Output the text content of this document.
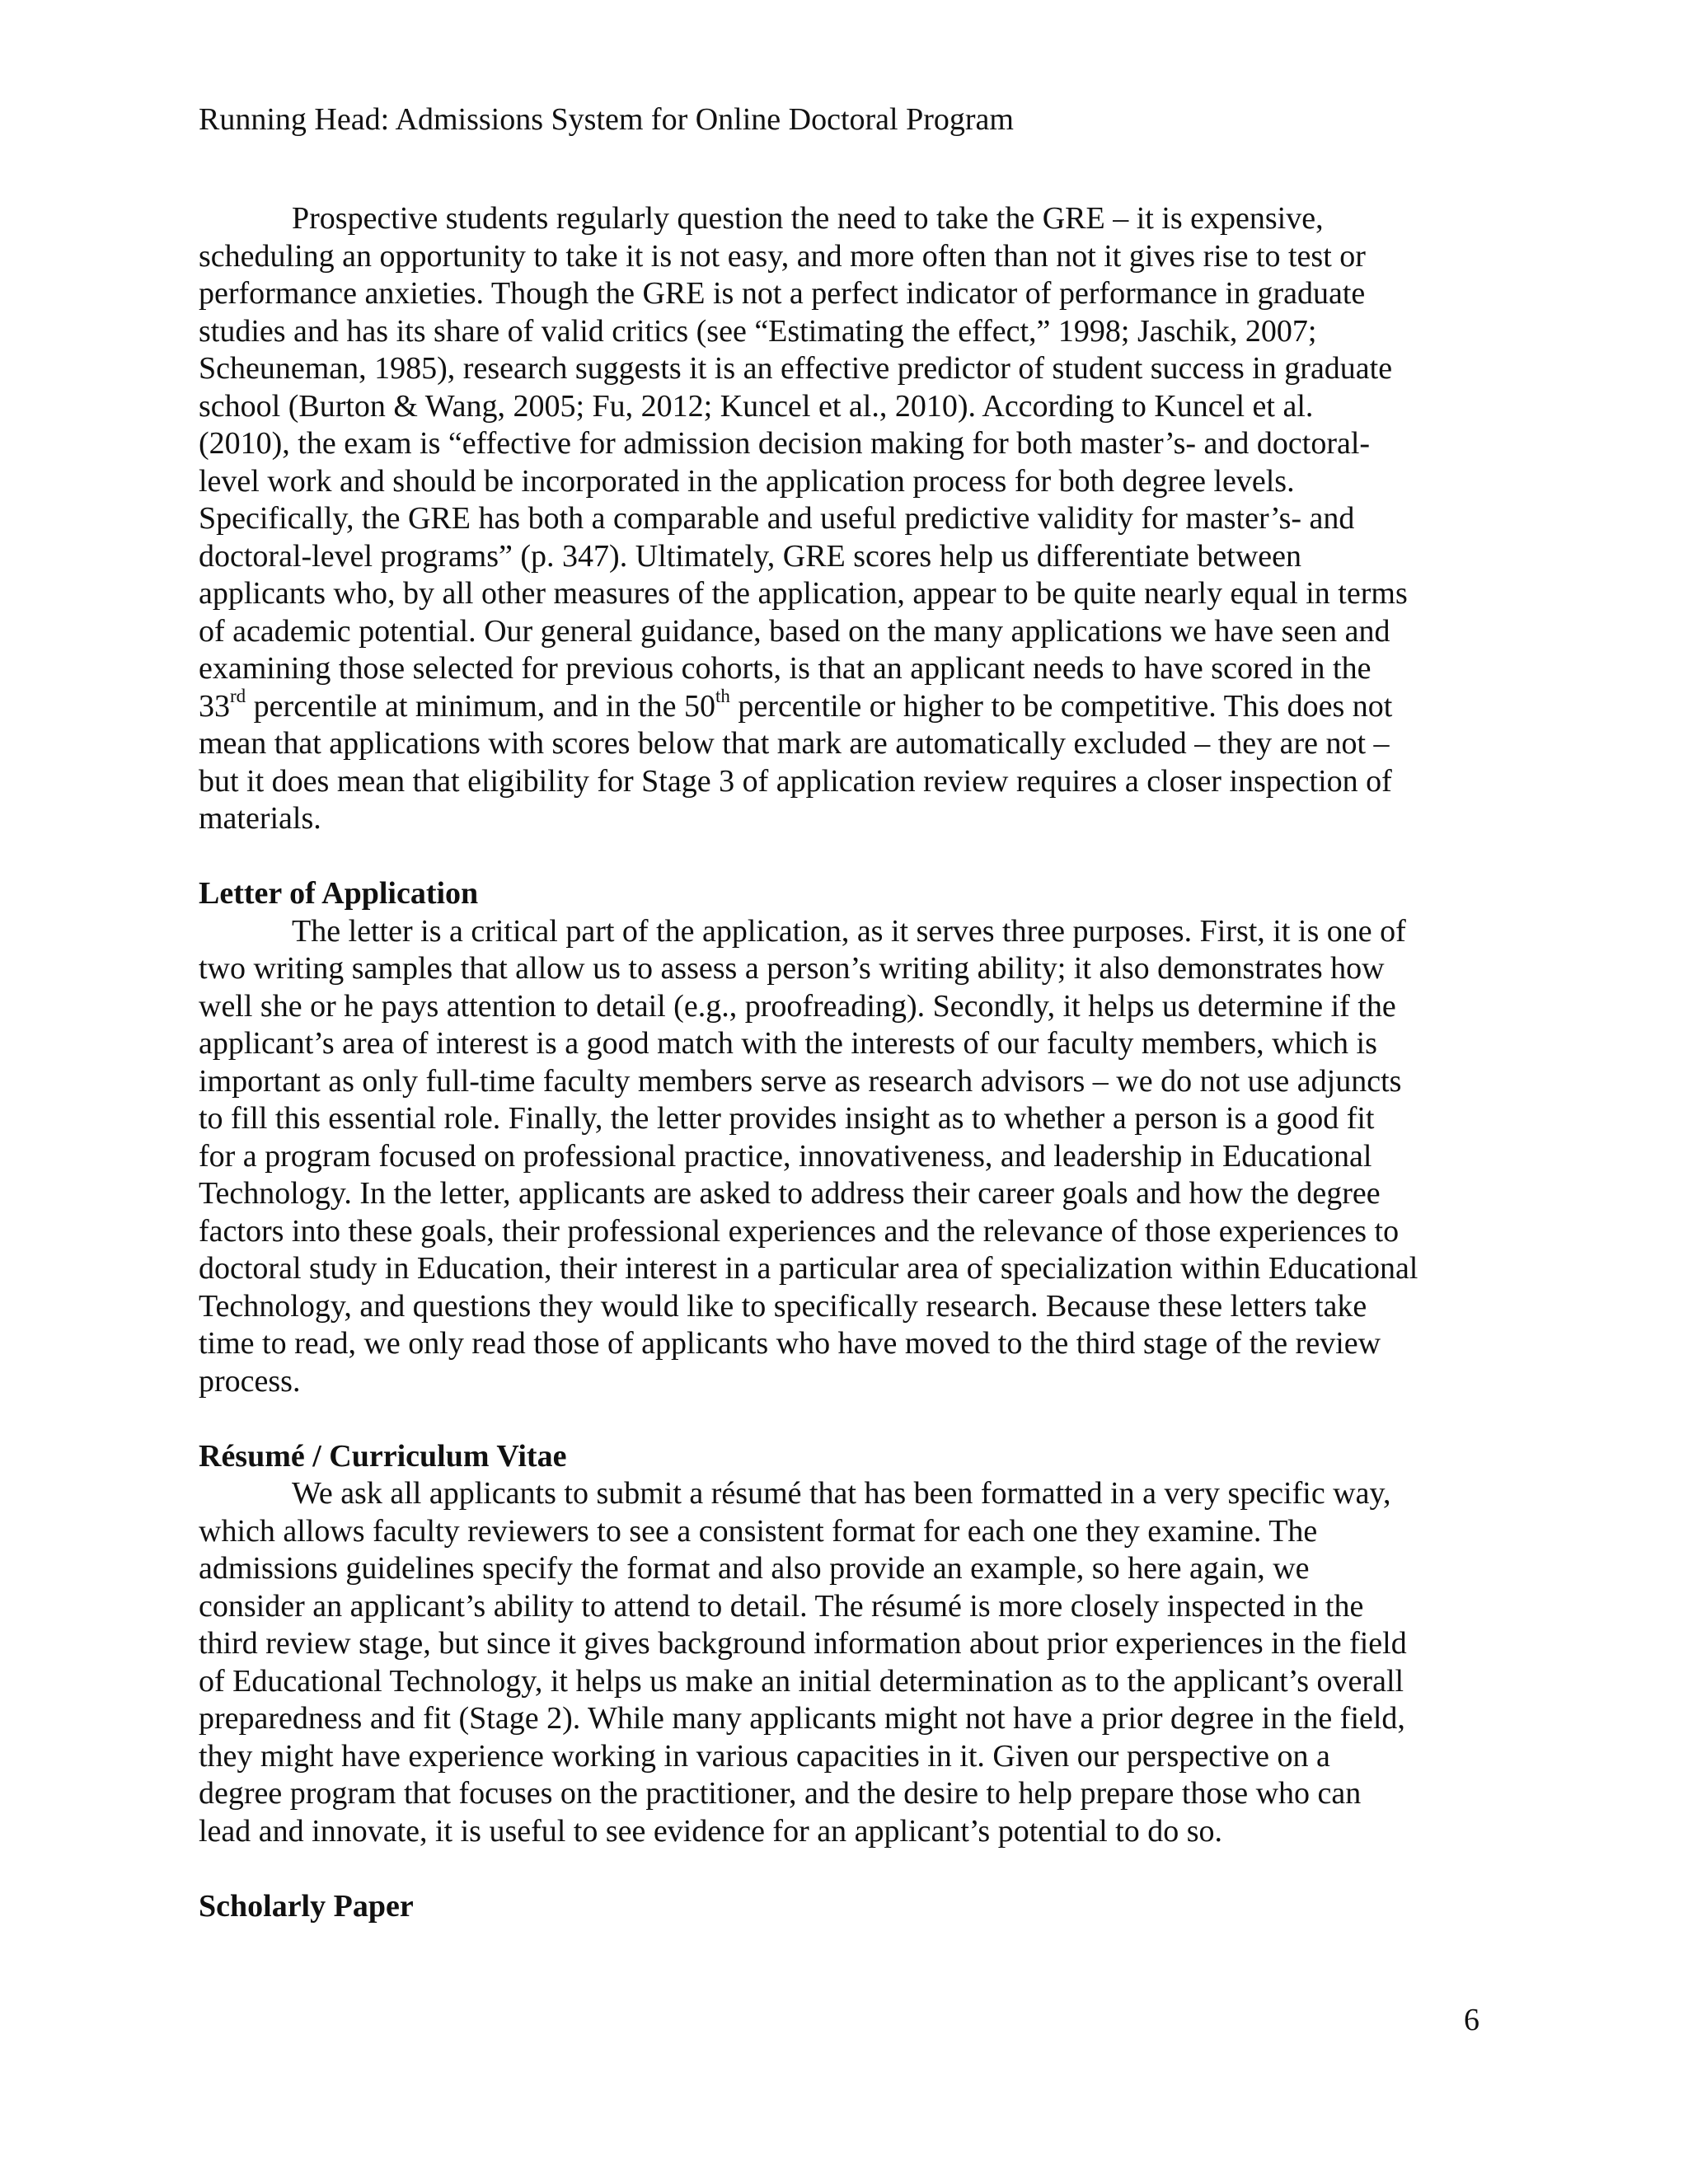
Running Head: Admissions System for Online Doctoral Program
Prospective students regularly question the need to take the GRE – it is expensive,
scheduling an opportunity to take it is not easy, and more often than not it gives rise to test or
performance anxieties. Though the GRE is not a perfect indicator of performance in graduate
studies and has its share of valid critics (see “Estimating the effect,” 1998; Jaschik, 2007;
Scheuneman, 1985), research suggests it is an effective predictor of student success in graduate
school (Burton & Wang, 2005; Fu, 2012; Kuncel et al., 2010). According to Kuncel et al.
(2010), the exam is “effective for admission decision making for both master’s- and doctoral-
level work and should be incorporated in the application process for both degree levels.
Specifically, the GRE has both a comparable and useful predictive validity for master’s- and
doctoral-level programs” (p. 347). Ultimately, GRE scores help us differentiate between
applicants who, by all other measures of the application, appear to be quite nearly equal in terms
of academic potential. Our general guidance, based on the many applications we have seen and
examining those selected for previous cohorts, is that an applicant needs to have scored in the
33rd percentile at minimum, and in the 50th percentile or higher to be competitive. This does not
mean that applications with scores below that mark are automatically excluded – they are not –
but it does mean that eligibility for Stage 3 of application review requires a closer inspection of
materials.
Letter of Application
The letter is a critical part of the application, as it serves three purposes. First, it is one of
two writing samples that allow us to assess a person’s writing ability; it also demonstrates how
well she or he pays attention to detail (e.g., proofreading). Secondly, it helps us determine if the
applicant’s area of interest is a good match with the interests of our faculty members, which is
important as only full-time faculty members serve as research advisors – we do not use adjuncts
to fill this essential role. Finally, the letter provides insight as to whether a person is a good fit
for a program focused on professional practice, innovativeness, and leadership in Educational
Technology. In the letter, applicants are asked to address their career goals and how the degree
factors into these goals, their professional experiences and the relevance of those experiences to
doctoral study in Education, their interest in a particular area of specialization within Educational
Technology, and questions they would like to specifically research. Because these letters take
time to read, we only read those of applicants who have moved to the third stage of the review
process.
Résumé / Curriculum Vitae
We ask all applicants to submit a résumé that has been formatted in a very specific way,
which allows faculty reviewers to see a consistent format for each one they examine. The
admissions guidelines specify the format and also provide an example, so here again, we
consider an applicant’s ability to attend to detail. The résumé is more closely inspected in the
third review stage, but since it gives background information about prior experiences in the field
of Educational Technology, it helps us make an initial determination as to the applicant’s overall
preparedness and fit (Stage 2). While many applicants might not have a prior degree in the field,
they might have experience working in various capacities in it. Given our perspective on a
degree program that focuses on the practitioner, and the desire to help prepare those who can
lead and innovate, it is useful to see evidence for an applicant’s potential to do so.
Scholarly Paper
6
